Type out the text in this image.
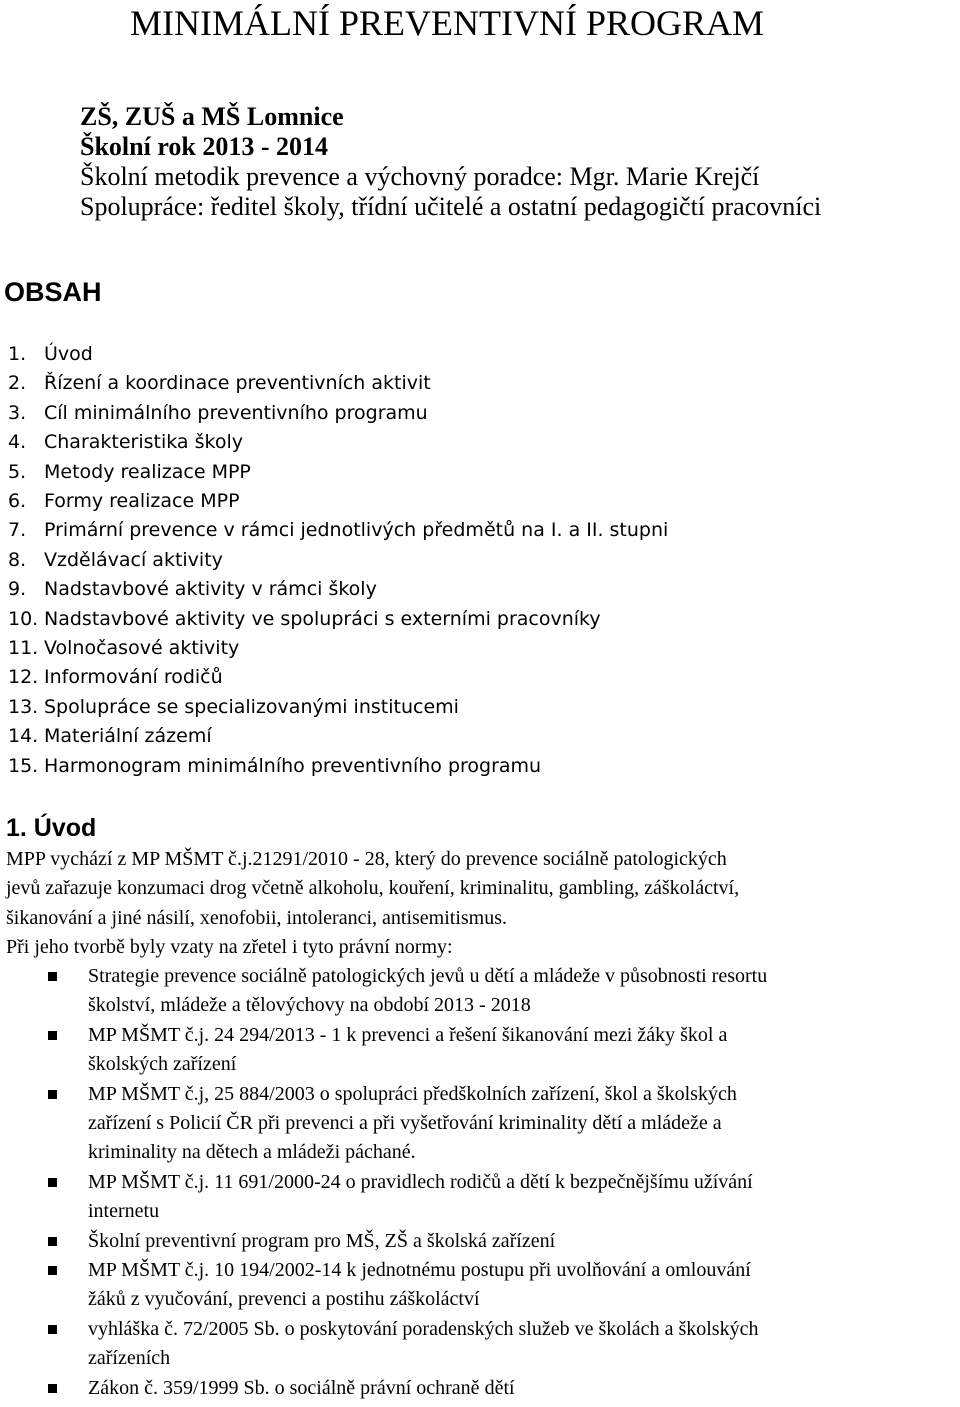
MINIMÁLNÍ PREVENTIVNÍ PROGRAM
ZŠ, ZUŠ a MŠ Lomnice
Školní rok 2013 - 2014
Školní metodik prevence a výchovný poradce: Mgr. Marie Krejčí
Spolupráce: ředitel školy, třídní učitelé a ostatní pedagogičtí pracovníci
OBSAH
1. Úvod
2. Řízení a koordinace preventivních aktivit
3. Cíl minimálního preventivního programu
4. Charakteristika školy
5. Metody realizace MPP
6. Formy realizace MPP
7. Primární prevence v rámci jednotlivých předmětů na I. a II. stupni
8. Vzdělávací aktivity
9. Nadstavbové aktivity v rámci školy
10. Nadstavbové aktivity ve spolupráci s externími pracovníky
11. Volnočasové aktivity
12. Informování rodičů
13. Spolupráce se specializovanými institucemi
14. Materiální zázemí
15. Harmonogram minimálního preventivního programu
1. Úvod

MPP vychází z MP MŠMT č.j.21291/2010 - 28, který do prevence sociálně patologických

jevů zařazuje konzumaci drog včetně alkoholu, kouření, kriminalitu, gambling, záškoláctví,

šikanování a jiné násilí, xenofobii, intoleranci, antisemitismus.

Při jeho tvorbě byly vzaty na zřetel i tyto právní normy:

Strategie prevence sociálně patologických jevů u dětí a mládeže v působnosti resortu
školství, mládeže a tělovýchovy na období 2013 - 2018
MP MŠMT č.j. 24 294/2013 - 1 k prevenci a řešení šikanování mezi žáky škol a
školských zařízení
MP MŠMT č.j, 25 884/2003 o spolupráci předškolních zařízení, škol a školských
zařízení s Policií ČR při prevenci a při vyšetřování kriminality dětí a mládeže a
kriminality na dětech a mládeži páchané.
MP MŠMT č.j. 11 691/2000-24 o pravidlech rodičů a dětí k bezpečnějšímu užívání
internetu
Školní preventivní program pro MŠ, ZŠ a školská zařízení
MP MŠMT č.j. 10 194/2002-14 k jednotnému postupu při uvolňování a omlouvání
žáků z vyučování, prevenci a postihu záškoláctví
vyhláška č. 72/2005 Sb. o poskytování poradenských služeb ve školách a školských
zařízeních
Zákon č. 359/1999 Sb. o sociálně právní ochraně dětí
